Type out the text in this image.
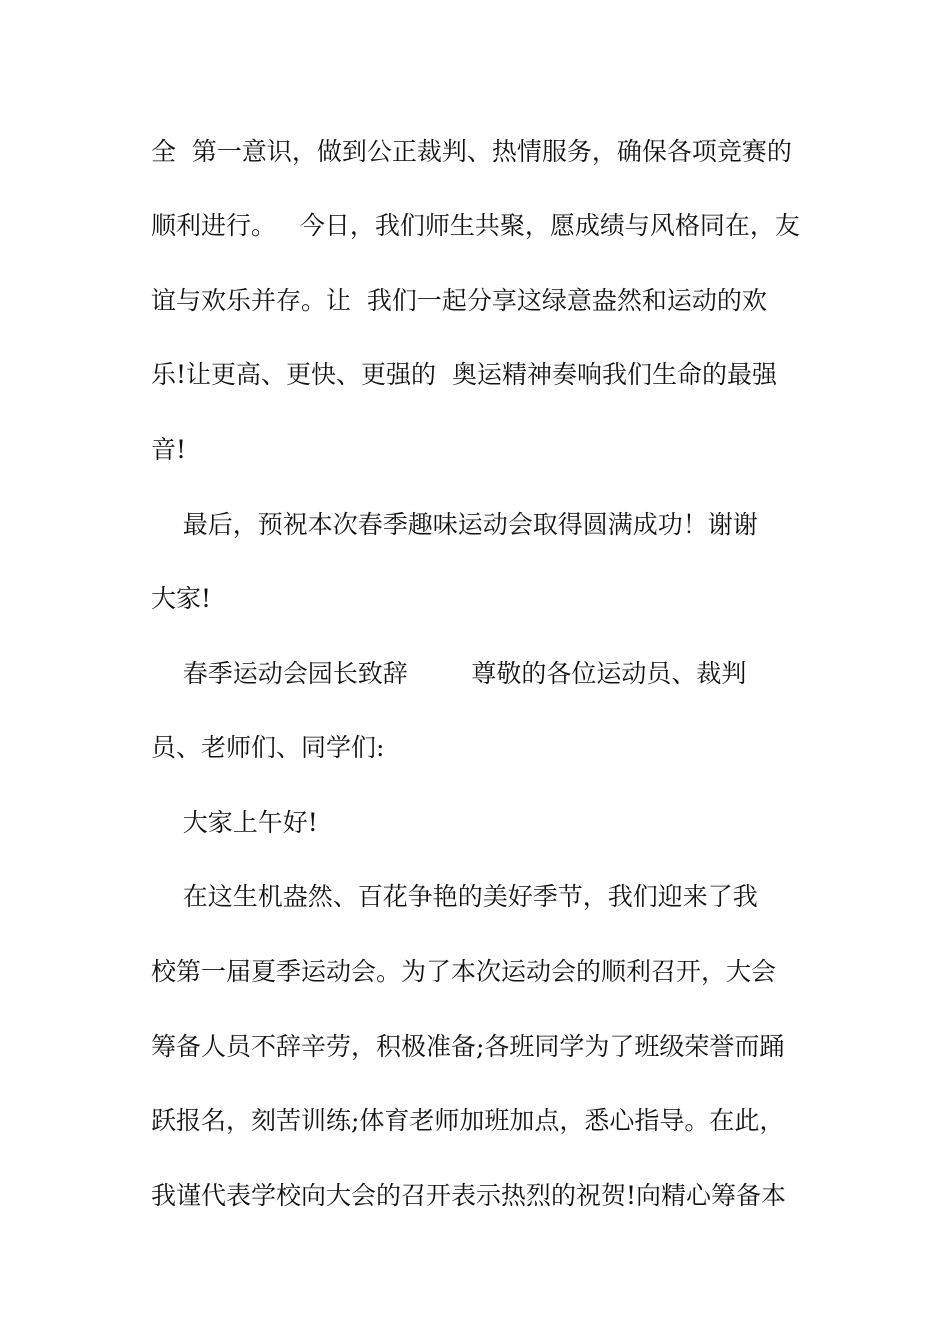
全  第一意识，做到公正裁判、热情服务，确保各项竞赛的
顺利进行。   今日，我们师生共聚，愿成绩与风格同在，友
谊与欢乐并存。让  我们一起分享这绿意盎然和运动的欢
乐!让更高、更快、更强的  奥运精神奏响我们生命的最强
音!
最后，预祝本次春季趣味运动会取得圆满成功！谢谢
大家!
春季运动会园长致辞        尊敬的各位运动员、裁判
员、老师们、同学们:
大家上午好!
在这生机盎然、百花争艳的美好季节，我们迎来了我
校第一届夏季运动会。为了本次运动会的顺利召开，大会
筹备人员不辞辛劳，积极准备;各班同学为了班级荣誉而踊
跃报名，刻苦训练;体育老师加班加点，悉心指导。在此，
我谨代表学校向大会的召开表示热烈的祝贺!向精心筹备本
